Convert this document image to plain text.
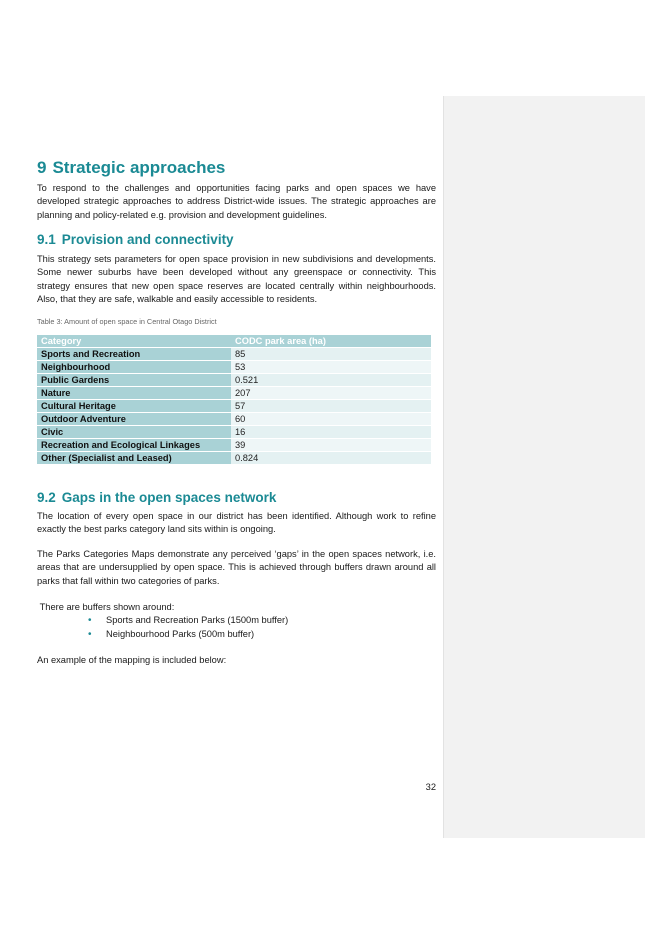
9 Strategic approaches

To respond to the challenges and opportunities facing parks and open spaces we have developed strategic approaches to address District-wide issues. The strategic approaches are planning and policy-related e.g. provision and development guidelines.

9.1 Provision and connectivity

This strategy sets parameters for open space provision in new subdivisions and developments. Some newer suburbs have been developed without any greenspace or connectivity. This strategy ensures that new open space reserves are located centrally within neighbourhoods. Also, that they are safe, walkable and easily accessible to residents.

Table 3: Amount of open space in Central Otago District
Category	CODC park area (ha)
Sports and Recreation	85
Neighbourhood	53
Public Gardens	0.521
Nature	207
Cultural Heritage	57
Outdoor Adventure	60
Civic	16
Recreation and Ecological Linkages	39
Other (Specialist and Leased)	0.824
9.2 Gaps in the open spaces network

The location of every open space in our district has been identified. Although work to refine exactly the best parks category land sits within is ongoing.

The Parks Categories Maps demonstrate any perceived ‘gaps’ in the open spaces network, i.e. areas that are undersupplied by open space. This is achieved through buffers drawn around all parks that fall within two categories of parks.

There are buffers shown around:

• Sports and Recreation Parks (1500m buffer)
• Neighbourhood Parks (500m buffer)

An example of the mapping is included below:

32
